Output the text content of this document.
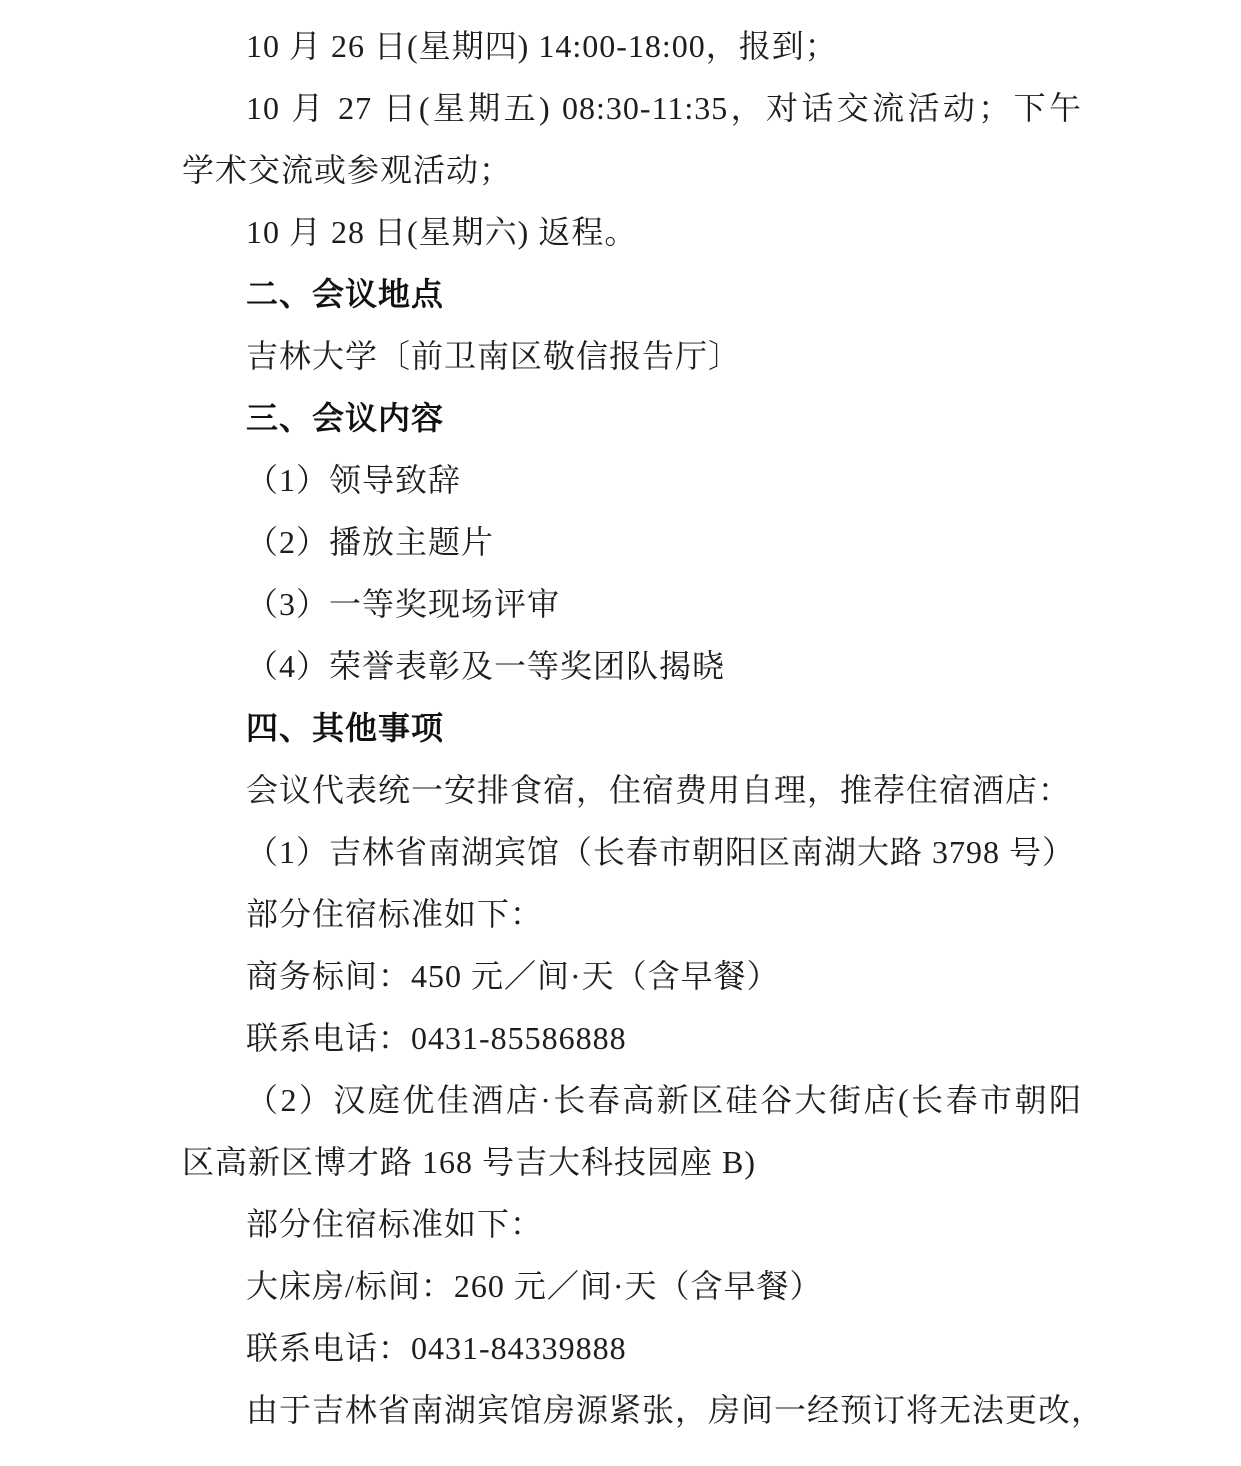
10 月 26 日(星期四) 14:00-18:00，报到；
10 月 27 日(星期五) 08:30-11:35，对话交流活动；下午
学术交流或参观活动；
10 月 28 日(星期六) 返程。
二、会议地点
吉林大学〔前卫南区敬信报告厅〕
三、会议内容
（1）领导致辞
（2）播放主题片
（3）一等奖现场评审
（4）荣誉表彰及一等奖团队揭晓
四、其他事项
会议代表统一安排食宿，住宿费用自理，推荐住宿酒店：
（1）吉林省南湖宾馆（长春市朝阳区南湖大路 3798 号）
部分住宿标准如下：
商务标间：450 元／间·天（含早餐）
联系电话：0431-85586888
（2）汉庭优佳酒店·长春高新区硅谷大街店(长春市朝阳
区高新区博才路 168 号吉大科技园座 B)
部分住宿标准如下：
大床房/标间：260 元／间·天（含早餐）
联系电话：0431-84339888
由于吉林省南湖宾馆房源紧张，房间一经预订将无法更改，
